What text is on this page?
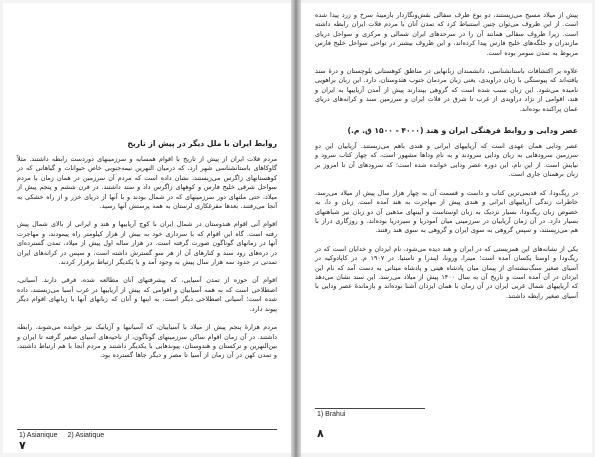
روابط ایران با ملل دیگر در پیش از تاریخ

مردم فلات ایران از پیش از تاریخ با اقوام همسایه و سرزمینهای دوردست رابطه داشتند. مثلاً گاوکاهای باستانشناسی شهر ارد، که درمیان النهرین نیمه‌جنوبی خاص حیوانات و گیاهانی که در کوهستانهای زاگرس می‌زیستند، نشان داده است که مردم آن سرزمین در همان زمان با مردم سواحل شرقی خلیج فارس و کوههای زاگرس داد و ستد داشتند. در قرن ششم و پنجم پیش از میلاد، حتی ملتهای دور سرزمینهای که در شمال بودند و با آنها از دریای خزر و از راه خشکی به آنجا می‌رفتند، بعدها مفرغکاری لرستان به همه پرستش آنها رسید.

اقوام آنی اقوام هندوستان در شمال ایران با کوچ آریاییها و هند و ایرانی از بالای شمال پیش رفته است. گاه این اقوام که با سرداری خود به بیش از هزار کیلومتر راه پیمودند، و مهاجرت آنها در زمانهای گوناگون صورت گرفته است. در هزار ساله اول پیش از میلاد، تمدن گسترده‌ای در دره‌های رود سند و کنارهای آن از هر سو گسترش داشته است، و سپس در کرانه‌های ایران تمدنی در حدود سه هزار سال پیش به وجود آمد و با یکدیگر ارتباط برقرار کردند.

اقوام آن حوزه از تمدن آسیایی، که پیشرفتهای آنان مطالعه شده، فرقی دارند. آسیانی، اصطلاحی است که به همه آسیاییان و اقوامی که پیش از آریاییها در غرب آسیا می‌زیستند، داده شده است؛ آسیانی اصطلاحی دیگر است، به اینها و آنان که زبانهای آنها با زبانهای اقوام دیگر پیوند دارد.

مردم هزارهٔ پنجم پیش از میلاد با آسیاییان، که آسیانیها و آزیانیک نیز خوانده می‌شوند، رابطه داشتند. در آن زمان اقوام ساکن سرزمینهای گوناگون، از ناحیه‌های آسیای صغیر گرفته تا ایران و بین‌النهرین و ترکستان و هندوستان، پیوندهایی با یکدیگر داشتند و مردم آنجا با هم ارتباط داشتند، و تمدن کهن در آن زمان از آسیا تا مصر و دیگر جاها گسترده بود.

1) Asianique 2) Asiatique
۷

پیش از میلاد مسیح می‌زیستند، دو نوع ظرف سفالی نقش‌ونگاردار بازمینهٔ سرخ و زرد پیدا شده است. از این ظروف می‌توان چنین استنباط کرد که تمدن آنان با مردم فلات ایران رابطه داشته است. زیرا ظروف سفالی همانند آن را در سرحدهای ایران شمالی و مرکزی و سواحل دریای مازندران و جلگه‌های خلیج فارس پیدا کرده‌اند، و این ظروف بیشتر در نواحی سواحل خلیج فارس مربوط به تمدن سومر بوده است.

علاوه بر اکتشافات باستانشناسی، دانشمندان زبانهایی در مناطق کوهستانی بلوچستان و درهٔ سند یافته‌اند که پیوستگی با زبان دراویدی، یعنی زبان مردمان جنوب هندوستان، دارد. این زبان براهویی نامیده می‌شود. این زبان سبب شده است که گروهی بپندارند پیش از آمدن آریاییها به ایران و هند، اقوامی از نژاد دراویدی از غرب تا شرق در فلات ایران و سرزمین سند و کرانه‌های دریای عمان پراکنده بوده‌اند.

عصر ودایی و روابط فرهنگی ایران و هند (۴۰۰۰ - ۱۵۰۰ ق. م.)

عصر ودایی همان عهدی است که آریاییهای ایرانی و هندی باهم می‌زیستند. آریاییان این دو سرزمین سرودهایی به زبان ودایی سرودند و به نام وداها مشهور است، که چهار کتاب سرود و نیایش است. از این نام، این دوره عصر ودایی خوانده شده است؛ که سرودهای آن تا امروز بر زبان برهمنان جاری است.

در ریگ‌ودا، که قدیمی‌ترین کتاب و داست و قسمت آن به چهار هزار سال پیش از میلاد می‌رسد، خاطرات زندگی آریاییهای ایرانی و هندی پیش از مهاجرت به هند آمده است. زبان و دا، به خصوص زبان ریگ‌ودا، بسیار نزدیک به زبان اوستاست و آیینهای مذهبی آن دو زبان نیز شباهتهای بسیار دارد. در آن زمان آریاییان در سرزمینی میان آمودریا و سیردریا بوده‌اند، و روزگاری دراز با هم می‌زیستند، و سپس گروهی به سوی ایران و گروهی به سوی هند رفتند.

یکی از نشانه‌های این همزیستی که در ایران و هند دیده می‌شود، نام ایزدان و خدایان است که در ریگ‌ودا و اوستا یکسان آمده است؛ میترا، ورونا، ایندرا و ناستیا. در ۱۹۰۷ م. در کاپادوکیه در آسیای صغیر سنگ‌نبشته‌ای از پیمان میان پادشاه هیتی و پادشاه میتانی به دست آمد که نام این ایزدان در آن آمده است و تاریخ آن به سال ۱۴۰۰ پیش از میلاد می‌رسد. این سند نشان می‌دهد که آریاییهای شمال غربی ایران در آن زمان با همان ایزدان آشنا بوده‌اند و بازماندهٔ عصر ودایی با آسیای صغیر رابطه داشتند.

1) Brahui
۸
